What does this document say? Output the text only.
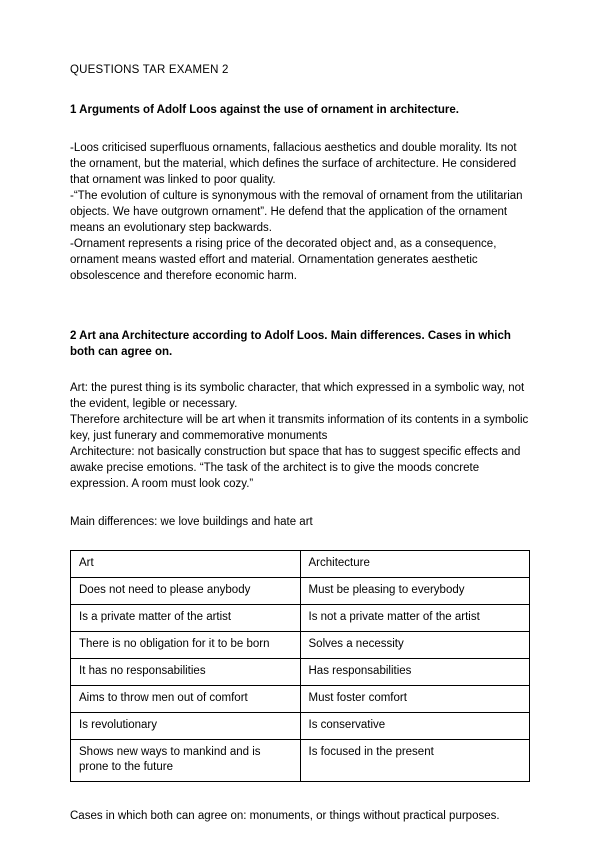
QUESTIONS TAR EXAMEN 2
1 Arguments of Adolf Loos against the use of ornament in architecture.
-Loos criticised superfluous ornaments, fallacious aesthetics and double morality. Its not the ornament, but the material, which defines the surface of architecture. He considered that ornament was linked to poor quality.
-“The evolution of culture is synonymous with the removal of ornament from the utilitarian objects. We have outgrown ornament”. He defend that the application of the ornament means an evolutionary step backwards.
-Ornament represents a rising price of the decorated object and, as a consequence, ornament means wasted effort and material. Ornamentation generates aesthetic obsolescence and therefore economic harm.
2 Art ana Architecture according to Adolf Loos. Main differences. Cases in which both can agree on.
Art: the purest thing is its symbolic character, that which expressed in a symbolic way, not the evident, legible or necessary.
Therefore architecture will be art when it transmits information of its contents in a symbolic key, just funerary and commemorative monuments
Architecture: not basically construction but space that has to suggest specific effects and awake precise emotions. “The task of the architect is to give the moods concrete expression. A room must look cozy.”
Main differences: we love buildings and hate art
Art	Architecture
Does not need to please anybody	Must be pleasing to everybody
Is a private matter of the artist	Is not a private matter of the artist
There is no obligation for it to be born	Solves a necessity
It has no responsabilities	Has responsabilities
Aims to throw men out of comfort	Must foster comfort
Is revolutionary	Is conservative
Shows new ways to mankind and is prone to the future	Is focused in the present
Cases in which both can agree on: monuments, or things without practical purposes.
